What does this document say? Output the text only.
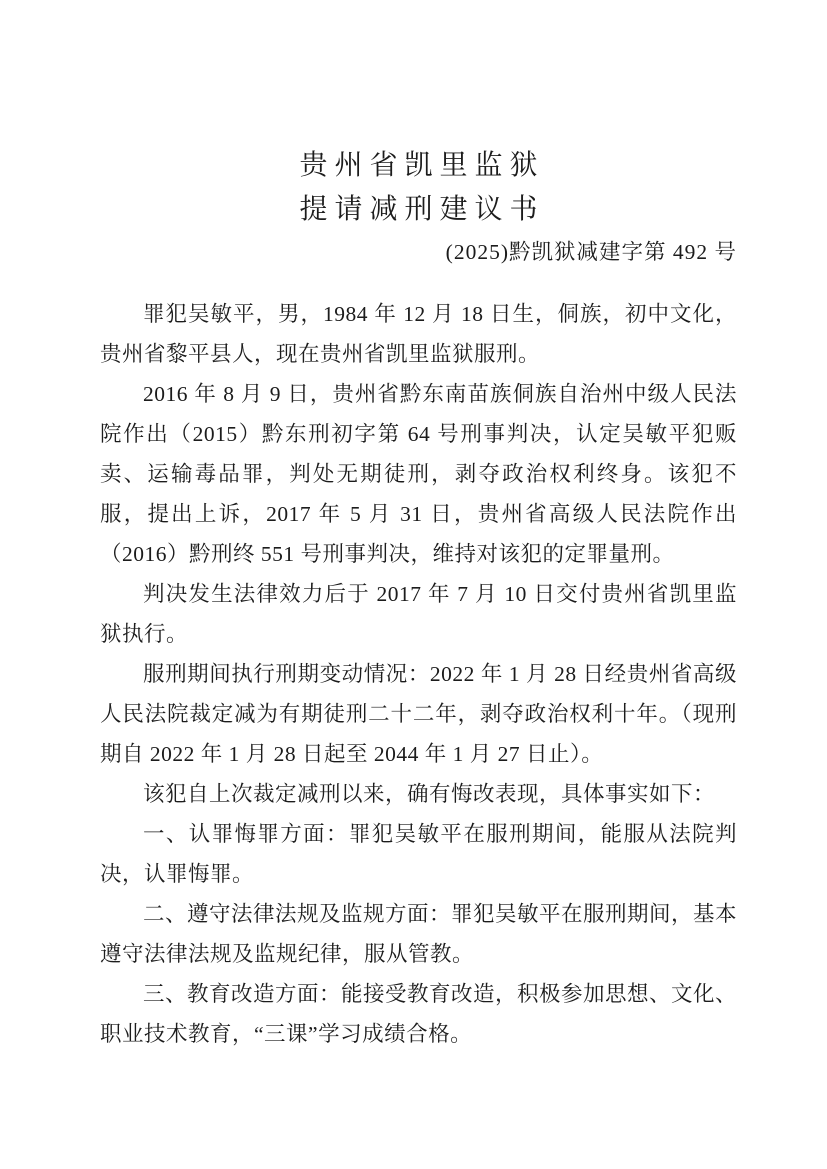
贵州省凯里监狱
提请减刑建议书
(2025)黔凯狱减建字第 492 号

罪犯吴敏平，男，1984 年 12 月 18 日生，侗族，初中文化，贵州省黎平县人，现在贵州省凯里监狱服刑。

2016 年 8 月 9 日，贵州省黔东南苗族侗族自治州中级人民法院作出（2015）黔东刑初字第 64 号刑事判决，认定吴敏平犯贩卖、运输毒品罪，判处无期徒刑，剥夺政治权利终身。该犯不服，提出上诉，2017 年 5 月 31 日，贵州省高级人民法院作出（2016）黔刑终 551 号刑事判决，维持对该犯的定罪量刑。

判决发生法律效力后于 2017 年 7 月 10 日交付贵州省凯里监狱执行。

服刑期间执行刑期变动情况：2022 年 1 月 28 日经贵州省高级人民法院裁定减为有期徒刑二十二年，剥夺政治权利十年。（现刑期自 2022 年 1 月 28 日起至 2044 年 1 月 27 日止）。

该犯自上次裁定减刑以来，确有悔改表现，具体事实如下：

一、认罪悔罪方面：罪犯吴敏平在服刑期间，能服从法院判决，认罪悔罪。

二、遵守法律法规及监规方面：罪犯吴敏平在服刑期间，基本遵守法律法规及监规纪律，服从管教。

三、教育改造方面：能接受教育改造，积极参加思想、文化、职业技术教育，“三课”学习成绩合格。
